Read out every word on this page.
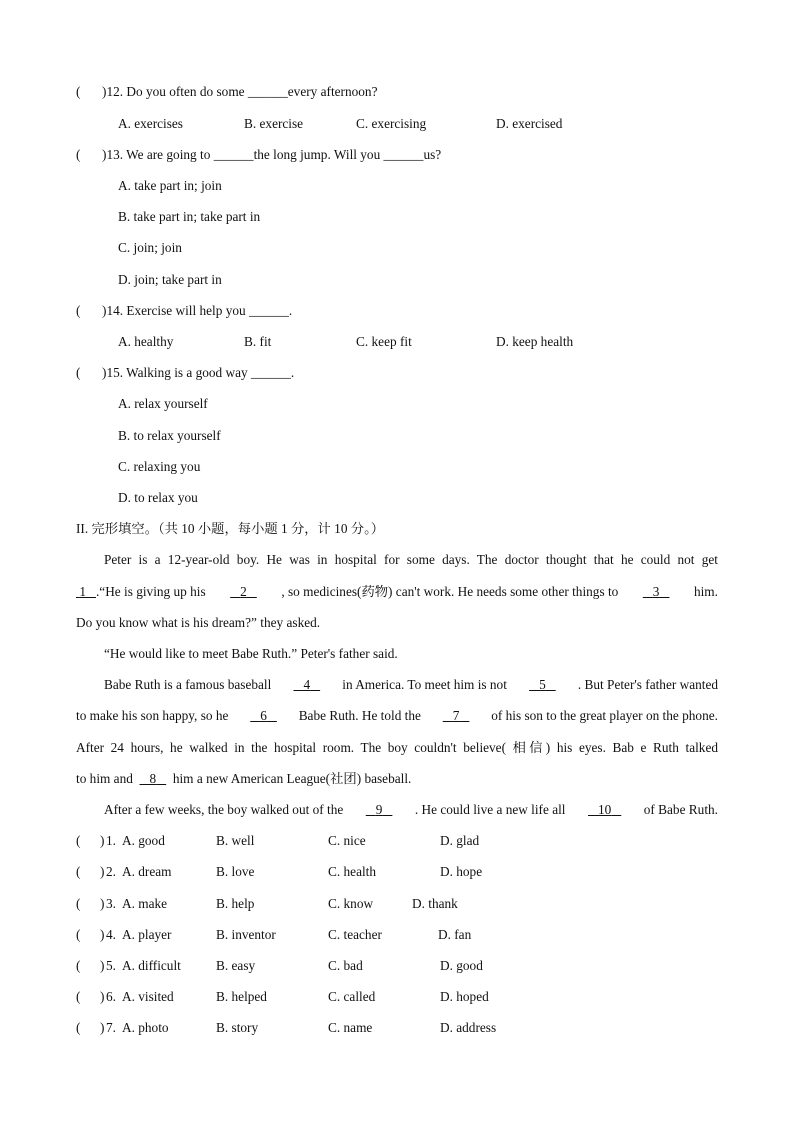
( )12. Do you often do some ______every afternoon?
A. exercises	B. exercise	C. exercising	D. exercised
( )13. We are going to ______the long jump. Will you ______us?
A. take part in; join
B. take part in; take part in
C. join; join
D. join; take part in
( )14. Exercise will help you ______.
A. healthy	B. fit	C. keep fit	D. keep health
( )15. Walking is a good way ______.
A. relax yourself
B. to relax yourself
C. relaxing you
D. to relax you
II. 完形填空。（共 10 小题，每小题 1 分，计 10 分。）
Peter is a 12-year-old boy. He was in hospital for some days. The doctor thought that he could not get
1 .“He is giving up his	2	, so medicines(药物) can't work. He needs some other things to	3	him.
Do you know what is his dream?” they asked.
“He would like to meet Babe Ruth.” Peter's father said.
Babe Ruth is a famous baseball	4	in America. To meet him is not	5	. But Peter's father wanted
to make his son happy, so he	6	Babe Ruth. He told the	7	of his son to the great player on the phone.
After 24 hours, he walked in the hospital room. The boy couldn't believe( 相信) his eyes. Bab e Ruth talked
to him and 8 him a new American League(社团) baseball.
After a few weeks, the boy walked out of the	9	. He could live a new life all	10	of Babe Ruth.
( ) 1. A. good	B. well	C. nice	D. glad
( ) 2. A. dream	B. love	C. health	D. hope
( ) 3. A. make	B. help	C. know	D. thank
( ) 4. A. player	B. inventor	C. teacher	D. fan
( ) 5. A. difficult	B. easy	C. bad	D. good
( ) 6. A. visited	B. helped	C. called	D. hoped
( ) 7. A. photo	B. story	C. name	D. address
